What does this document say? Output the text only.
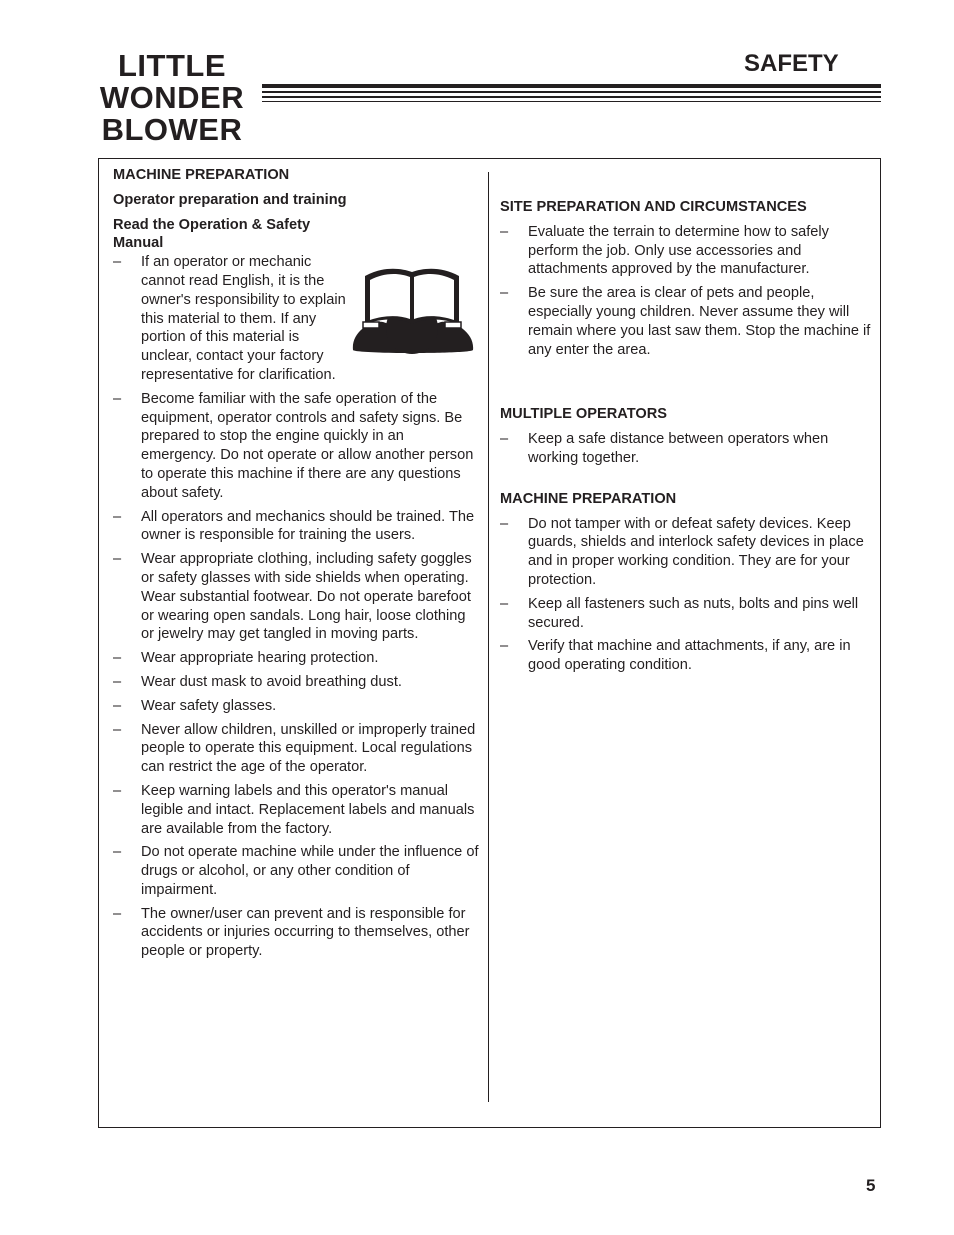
LITTLE
WONDER
BLOWER
SAFETY
MACHINE PREPARATION
Operator preparation and training
Read the Operation & Safety Manual
– If an operator or mechanic cannot read English, it is the owner's responsibility to explain this material to them. If any portion of this material is unclear, contact your factory representative for clarification.
– Become familiar with the safe operation of the equipment, operator controls and safety signs. Be prepared to stop the engine quickly in an emergency. Do not operate or allow another person to operate this machine if there are any questions about safety.
– All operators and mechanics should be trained. The owner is responsible for training the users.
– Wear appropriate clothing, including safety goggles or safety glasses with side shields when operating. Wear substantial footwear. Do not operate barefoot or wearing open sandals. Long hair, loose clothing or jewelry may get tangled in moving parts.
– Wear appropriate hearing protection.
– Wear dust mask to avoid breathing dust.
– Wear safety glasses.
– Never allow children, unskilled or improperly trained people to operate this equipment. Local regulations can restrict the age of the operator.
– Keep warning labels and this operator's manual legible and intact. Replacement labels and manuals are available from the factory.
– Do not operate machine while under the influence of drugs or alcohol, or any other condition of impairment.
– The owner/user can prevent and is responsible for accidents or injuries occurring to themselves, other people or property.
SITE PREPARATION AND CIRCUMSTANCES
– Evaluate the terrain to determine how to safely perform the job. Only use accessories and attachments approved by the manufacturer.
– Be sure the area is clear of pets and people, especially young children. Never assume they will remain where you last saw them. Stop the machine if any enter the area.
MULTIPLE OPERATORS
– Keep a safe distance between operators when working together.
MACHINE PREPARATION
– Do not tamper with or defeat safety devices. Keep guards, shields and interlock safety devices in place and in proper working condition. They are for your protection.
– Keep all fasteners such as nuts, bolts and pins well secured.
– Verify that machine and attachments, if any, are in good operating condition.
5
